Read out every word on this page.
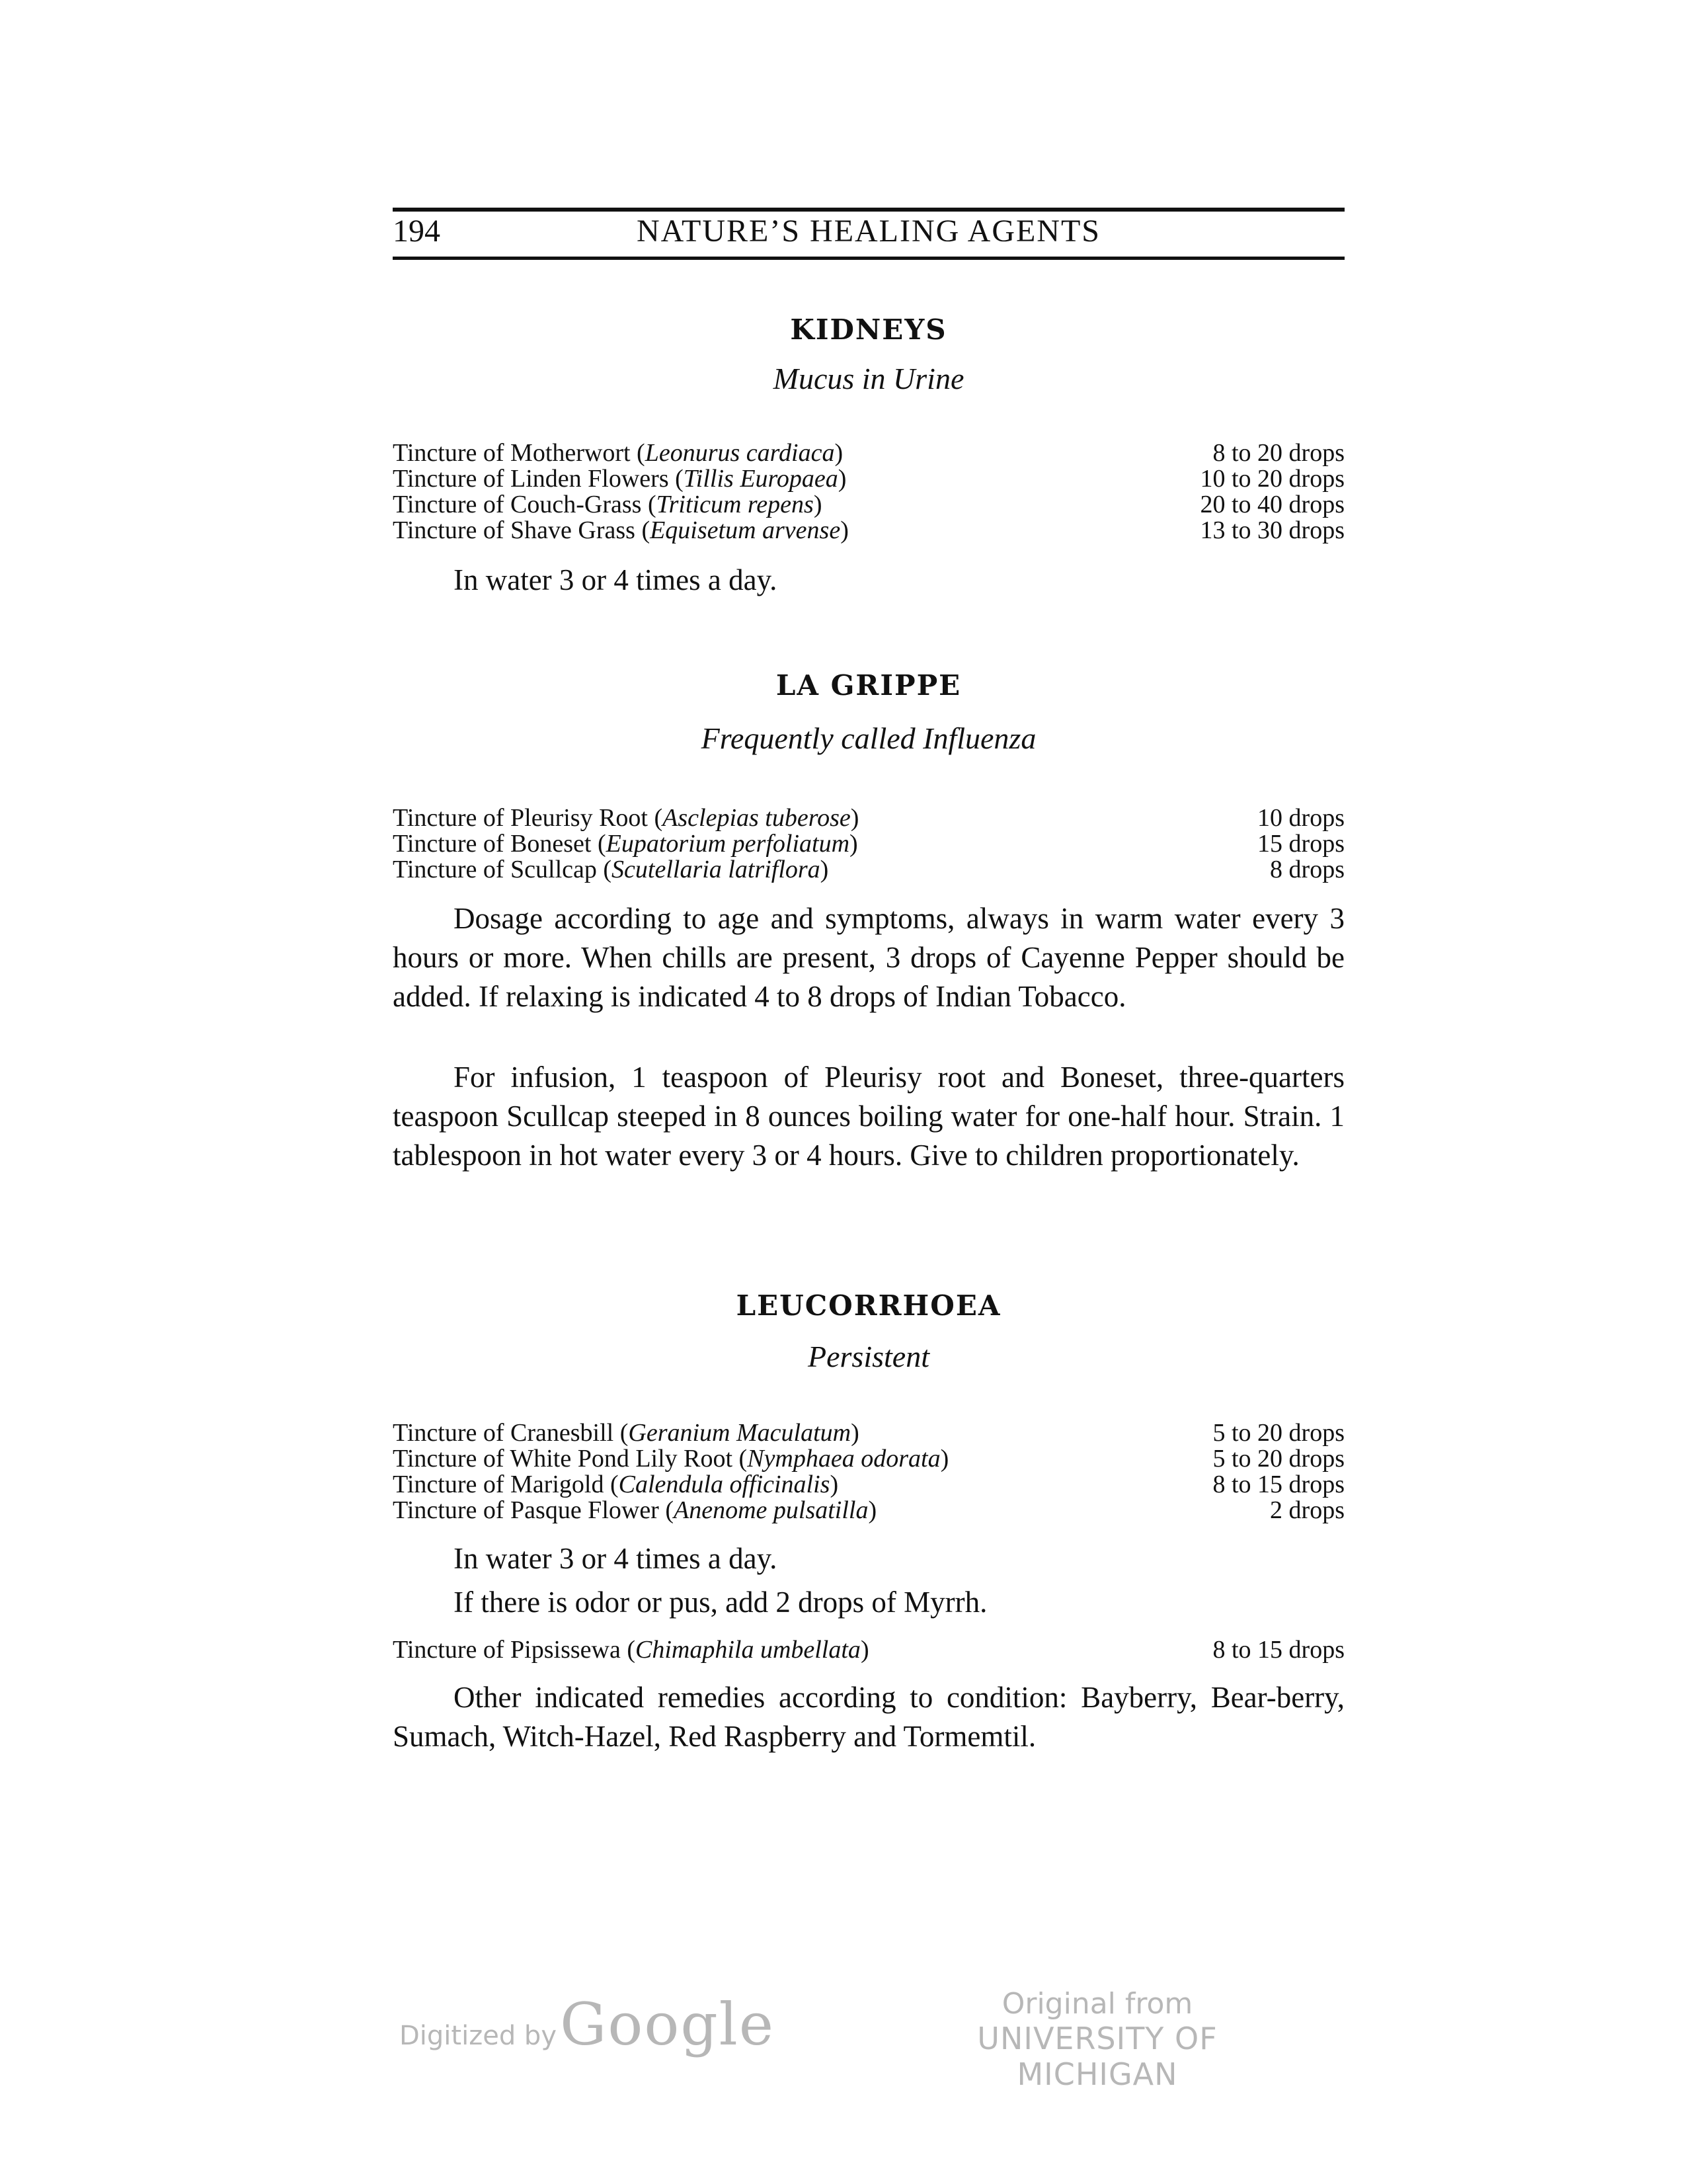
194	NATURE’S HEALING AGENTS
KIDNEYS
Mucus in Urine
Tincture of Motherwort (Leonurus cardiaca)	8 to 20 drops
Tincture of Linden Flowers (Tillis Europaea)	10 to 20 drops
Tincture of Couch-Grass (Triticum repens)	20 to 40 drops
Tincture of Shave Grass (Equisetum arvense)	13 to 30 drops

In water 3 or 4 times a day.

LA GRIPPE
Frequently called Influenza
Tincture of Pleurisy Root (Asclepias tuberose)	10 drops
Tincture of Boneset (Eupatorium perfoliatum)	15 drops
Tincture of Scullcap (Scutellaria latriflora)	8 drops

Dosage according to age and symptoms, always in warm water every 3 hours or more. When chills are present, 3 drops of Cayenne Pepper should be added. If relaxing is indicated 4 to 8 drops of Indian Tobacco.

For infusion, 1 teaspoon of Pleurisy root and Boneset, three-quarters teaspoon Scullcap steeped in 8 ounces boiling water for one-half hour. Strain. 1 tablespoon in hot water every 3 or 4 hours. Give to children proportionately.

LEUCORRHOEA
Persistent
Tincture of Cranesbill (Geranium Maculatum)	5 to 20 drops
Tincture of White Pond Lily Root (Nymphaea odorata)	5 to 20 drops
Tincture of Marigold (Calendula officinalis)	8 to 15 drops
Tincture of Pasque Flower (Anenome pulsatilla)	2 drops

In water 3 or 4 times a day.

If there is odor or pus, add 2 drops of Myrrh.

Tincture of Pipsissewa (Chimaphila umbellata)	8 to 15 drops

Other indicated remedies according to condition: Bayberry, Bear-berry, Sumach, Witch-Hazel, Red Raspberry and Tormemtil.

Digitized by Google	Original from
UNIVERSITY OF MICHIGAN
